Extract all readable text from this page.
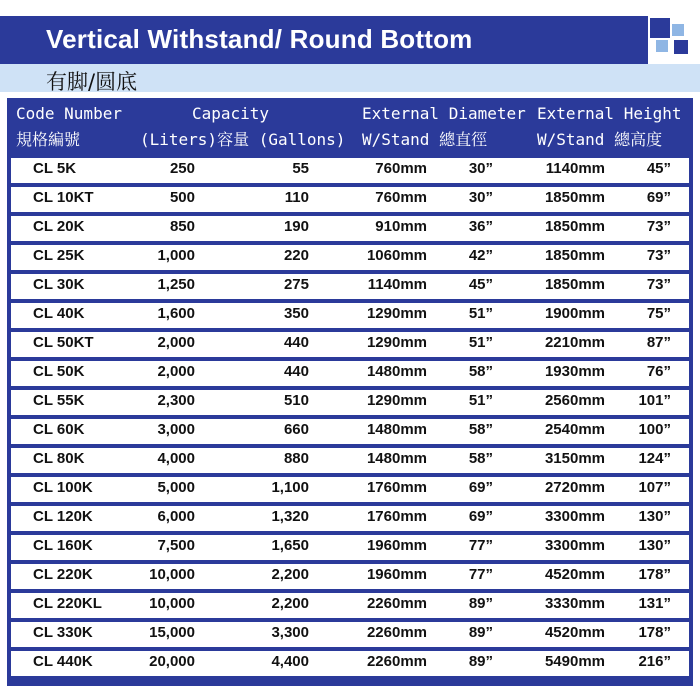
Vertical Withstand/ Round Bottom
有脚/圆底
Code Number
規格編號
Capacity
(Liters)容量 (Gallons)
External Diameter
W/Stand 總直徑
External Height
W/Stand 總高度
CL 5K	250	55	760mm	30”	1140mm	45”
CL 10KT	500	110	760mm	30”	1850mm	69”
CL 20K	850	190	910mm	36”	1850mm	73”
CL 25K	1,000	220	1060mm	42”	1850mm	73”
CL 30K	1,250	275	1140mm	45”	1850mm	73”
CL 40K	1,600	350	1290mm	51”	1900mm	75”
CL 50KT	2,000	440	1290mm	51”	2210mm	87”
CL 50K	2,000	440	1480mm	58”	1930mm	76”
CL 55K	2,300	510	1290mm	51”	2560mm 101”
CL 60K	3,000	660	1480mm	58”	2540mm 100”
CL 80K	4,000	880	1480mm	58”	3150mm 124”
CL 100K	5,000	1,100	1760mm	69”	2720mm 107”
CL 120K	6,000	1,320	1760mm	69”	3300mm 130”
CL 160K	7,500	1,650	1960mm	77”	3300mm 130”
CL 220K	10,000	2,200	1960mm	77”	4520mm 178”
CL 220KL	10,000	2,200	2260mm	89”	3330mm 131”
CL 330K	15,000	3,300	2260mm	89”	4520mm 178”
CL 440K	20,000	4,400	2260mm	89”	5490mm 216”
